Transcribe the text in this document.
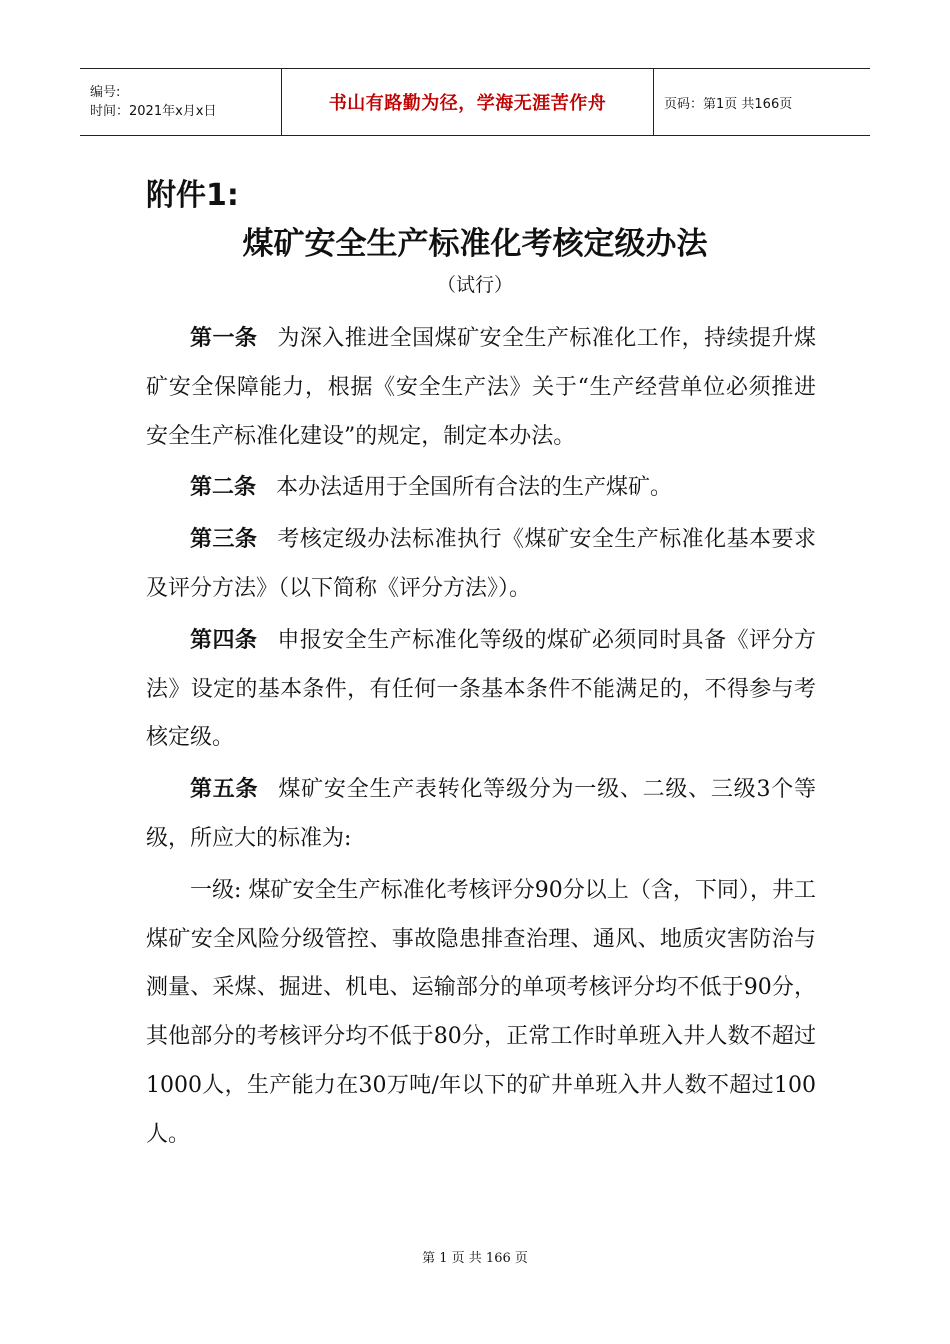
编号:
时间：2021年x月x日	书山有路勤为径，学海无涯苦作舟	页码：第1页 共166页
附件1:
煤矿安全生产标准化考核定级办法
（试行）

第一条 为深入推进全国煤矿安全生产标准化工作，持续提升煤矿安全保障能力，根据《安全生产法》关于“生产经营单位必须推进安全生产标准化建设”的规定，制定本办法。

第二条 本办法适用于全国所有合法的生产煤矿。

第三条 考核定级办法标准执行《煤矿安全生产标准化基本要求及评分方法》（以下简称《评分方法》）。

第四条 申报安全生产标准化等级的煤矿必须同时具备《评分方法》设定的基本条件，有任何一条基本条件不能满足的，不得参与考核定级。

第五条 煤矿安全生产表转化等级分为一级、二级、三级3个等级，所应大的标准为:

一级: 煤矿安全生产标准化考核评分90分以上（含，下同），井工煤矿安全风险分级管控、事故隐患排查治理、通风、地质灾害防治与测量、采煤、掘进、机电、运输部分的单项考核评分均不低于90分，其他部分的考核评分均不低于80分，正常工作时单班入井人数不超过1000人，生产能力在30万吨/年以下的矿井单班入井人数不超过100人。

第 1 页 共 166 页
